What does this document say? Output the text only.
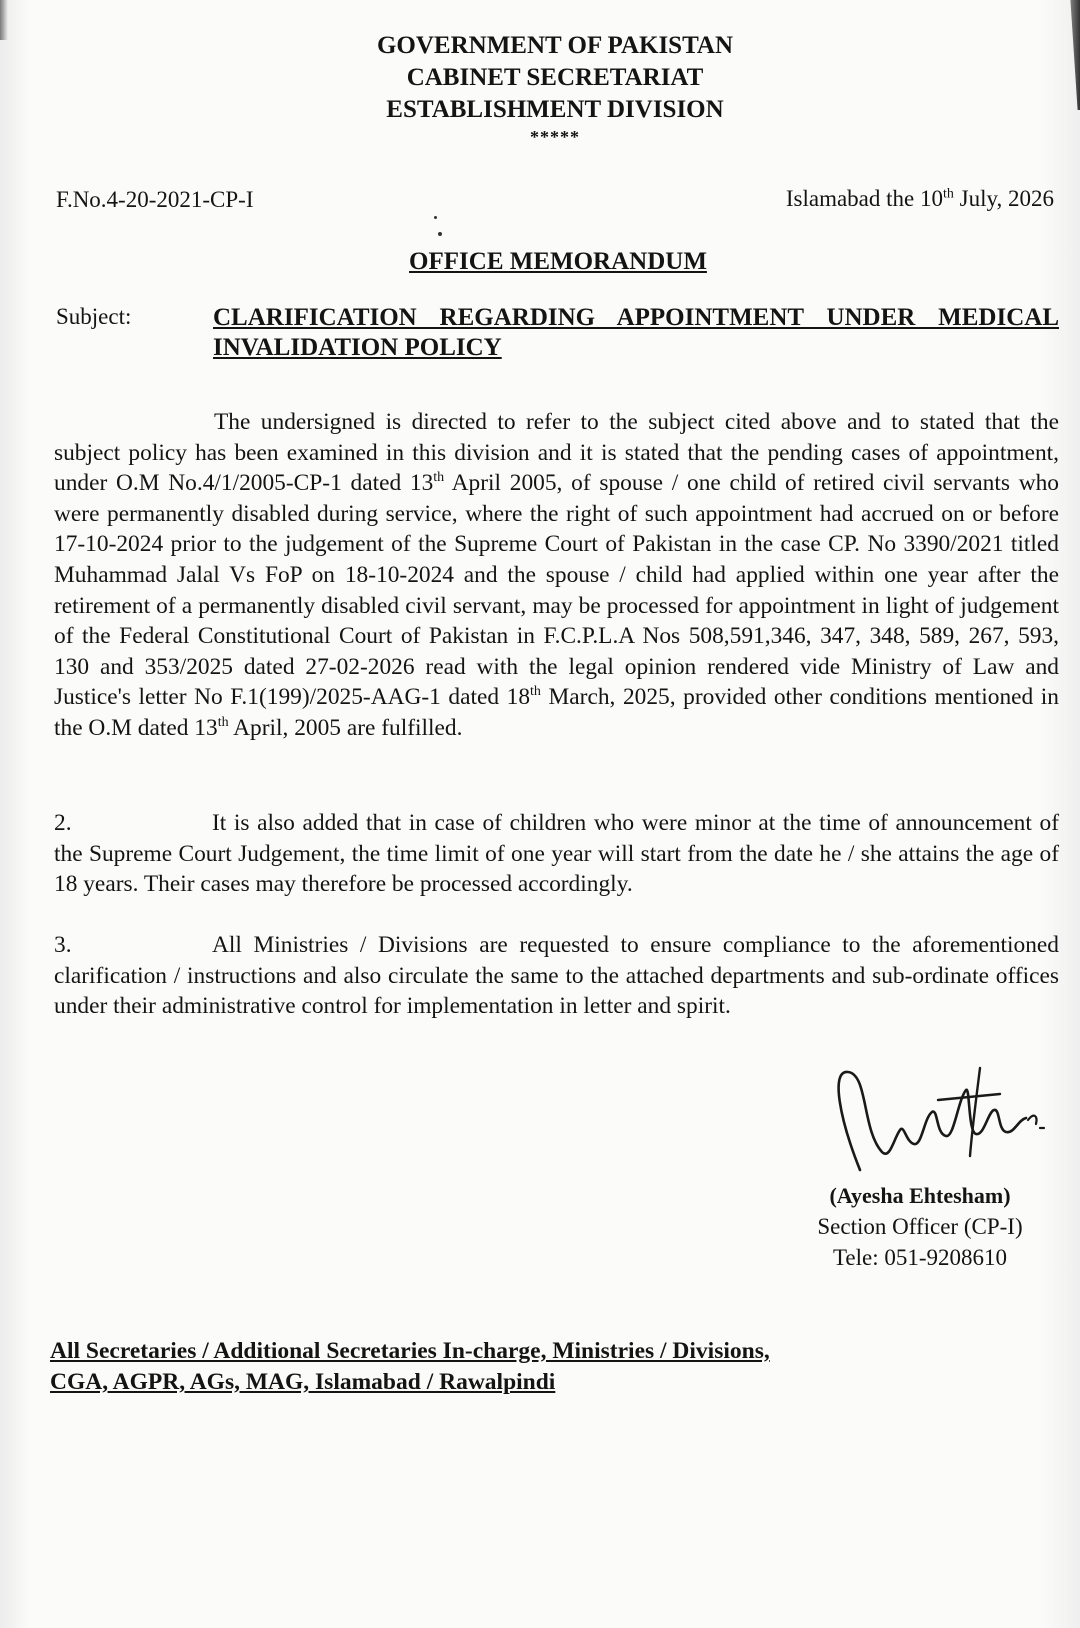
GOVERNMENT OF PAKISTAN
CABINET SECRETARIAT
ESTABLISHMENT DIVISION
*****
F.No.4-20-2021-CP-I	Islamabad the 10th July, 2026
OFFICE MEMORANDUM
Subject:	CLARIFICATION REGARDING APPOINTMENT UNDER MEDICAL INVALIDATION POLICY
The undersigned is directed to refer to the subject cited above and to stated that the subject policy has been examined in this division and it is stated that the pending cases of appointment, under O.M No.4/1/2005-CP-1 dated 13th April 2005, of spouse / one child of retired civil servants who were permanently disabled during service, where the right of such appointment had accrued on or before 17-10-2024 prior to the judgement of the Supreme Court of Pakistan in the case CP. No 3390/2021 titled Muhammad Jalal Vs FoP on 18-10-2024 and the spouse / child had applied within one year after the retirement of a permanently disabled civil servant, may be processed for appointment in light of judgement of the Federal Constitutional Court of Pakistan in F.C.P.L.A Nos 508,591,346, 347, 348, 589, 267, 593, 130 and 353/2025 dated 27-02-2026 read with the legal opinion rendered vide Ministry of Law and Justice's letter No F.1(199)/2025-AAG-1 dated 18th March, 2025, provided other conditions mentioned in the O.M dated 13th April, 2005 are fulfilled.
2.	It is also added that in case of children who were minor at the time of announcement of the Supreme Court Judgement, the time limit of one year will start from the date he / she attains the age of 18 years. Their cases may therefore be processed accordingly.
3.	All Ministries / Divisions are requested to ensure compliance to the aforementioned clarification / instructions and also circulate the same to the attached departments and sub-ordinate offices under their administrative control for implementation in letter and spirit.
(Ayesha Ehtesham)
Section Officer (CP-I)
Tele: 051-9208610
All Secretaries / Additional Secretaries In-charge, Ministries / Divisions,
CGA, AGPR, AGs, MAG, Islamabad / Rawalpindi
